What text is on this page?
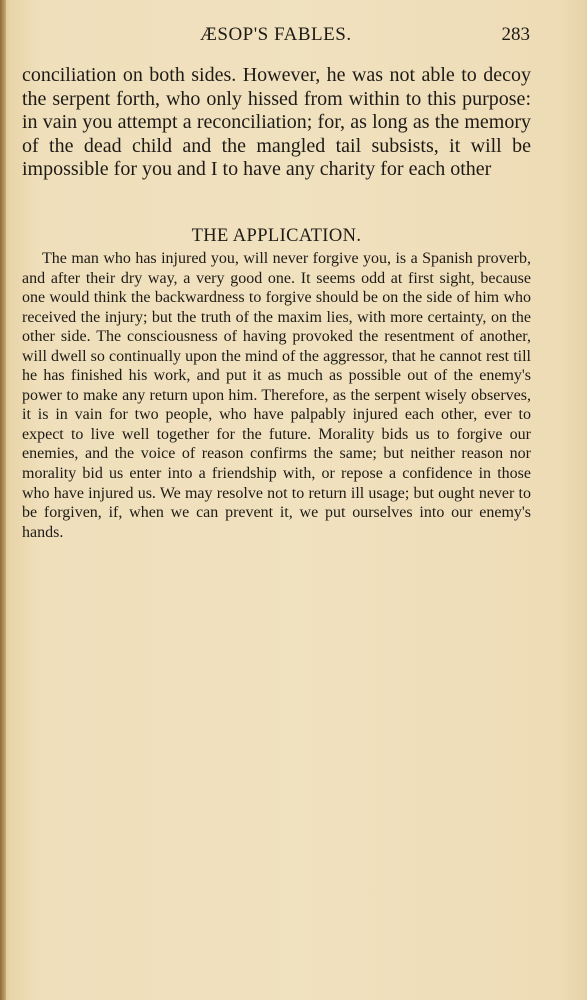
ÆSOP'S FABLES.	283

conciliation on both sides. However, he was not able to decoy the serpent forth, who only hissed from within to this purpose: in vain you attempt a reconciliation; for, as long as the memory of the dead child and the mangled tail subsists, it will be impossible for you and I to have any charity for each other

THE APPLICATION.

The man who has injured you, will never forgive you, is a Spanish proverb, and after their dry way, a very good one. It seems odd at first sight, because one would think the backwardness to forgive should be on the side of him who received the injury; but the truth of the maxim lies, with more certainty, on the other side. The consciousness of having provoked the resentment of another, will dwell so continually upon the mind of the aggressor, that he cannot rest till he has finished his work, and put it as much as possible out of the enemy's power to make any return upon him. Therefore, as the serpent wisely observes, it is in vain for two people, who have palpably injured each other, ever to expect to live well together for the future. Morality bids us to forgive our enemies, and the voice of reason confirms the same; but neither reason nor morality bid us enter into a friendship with, or repose a confidence in those who have injured us. We may resolve not to return ill usage; but ought never to be forgiven, if, when we can prevent it, we put ourselves into our enemy's hands.
